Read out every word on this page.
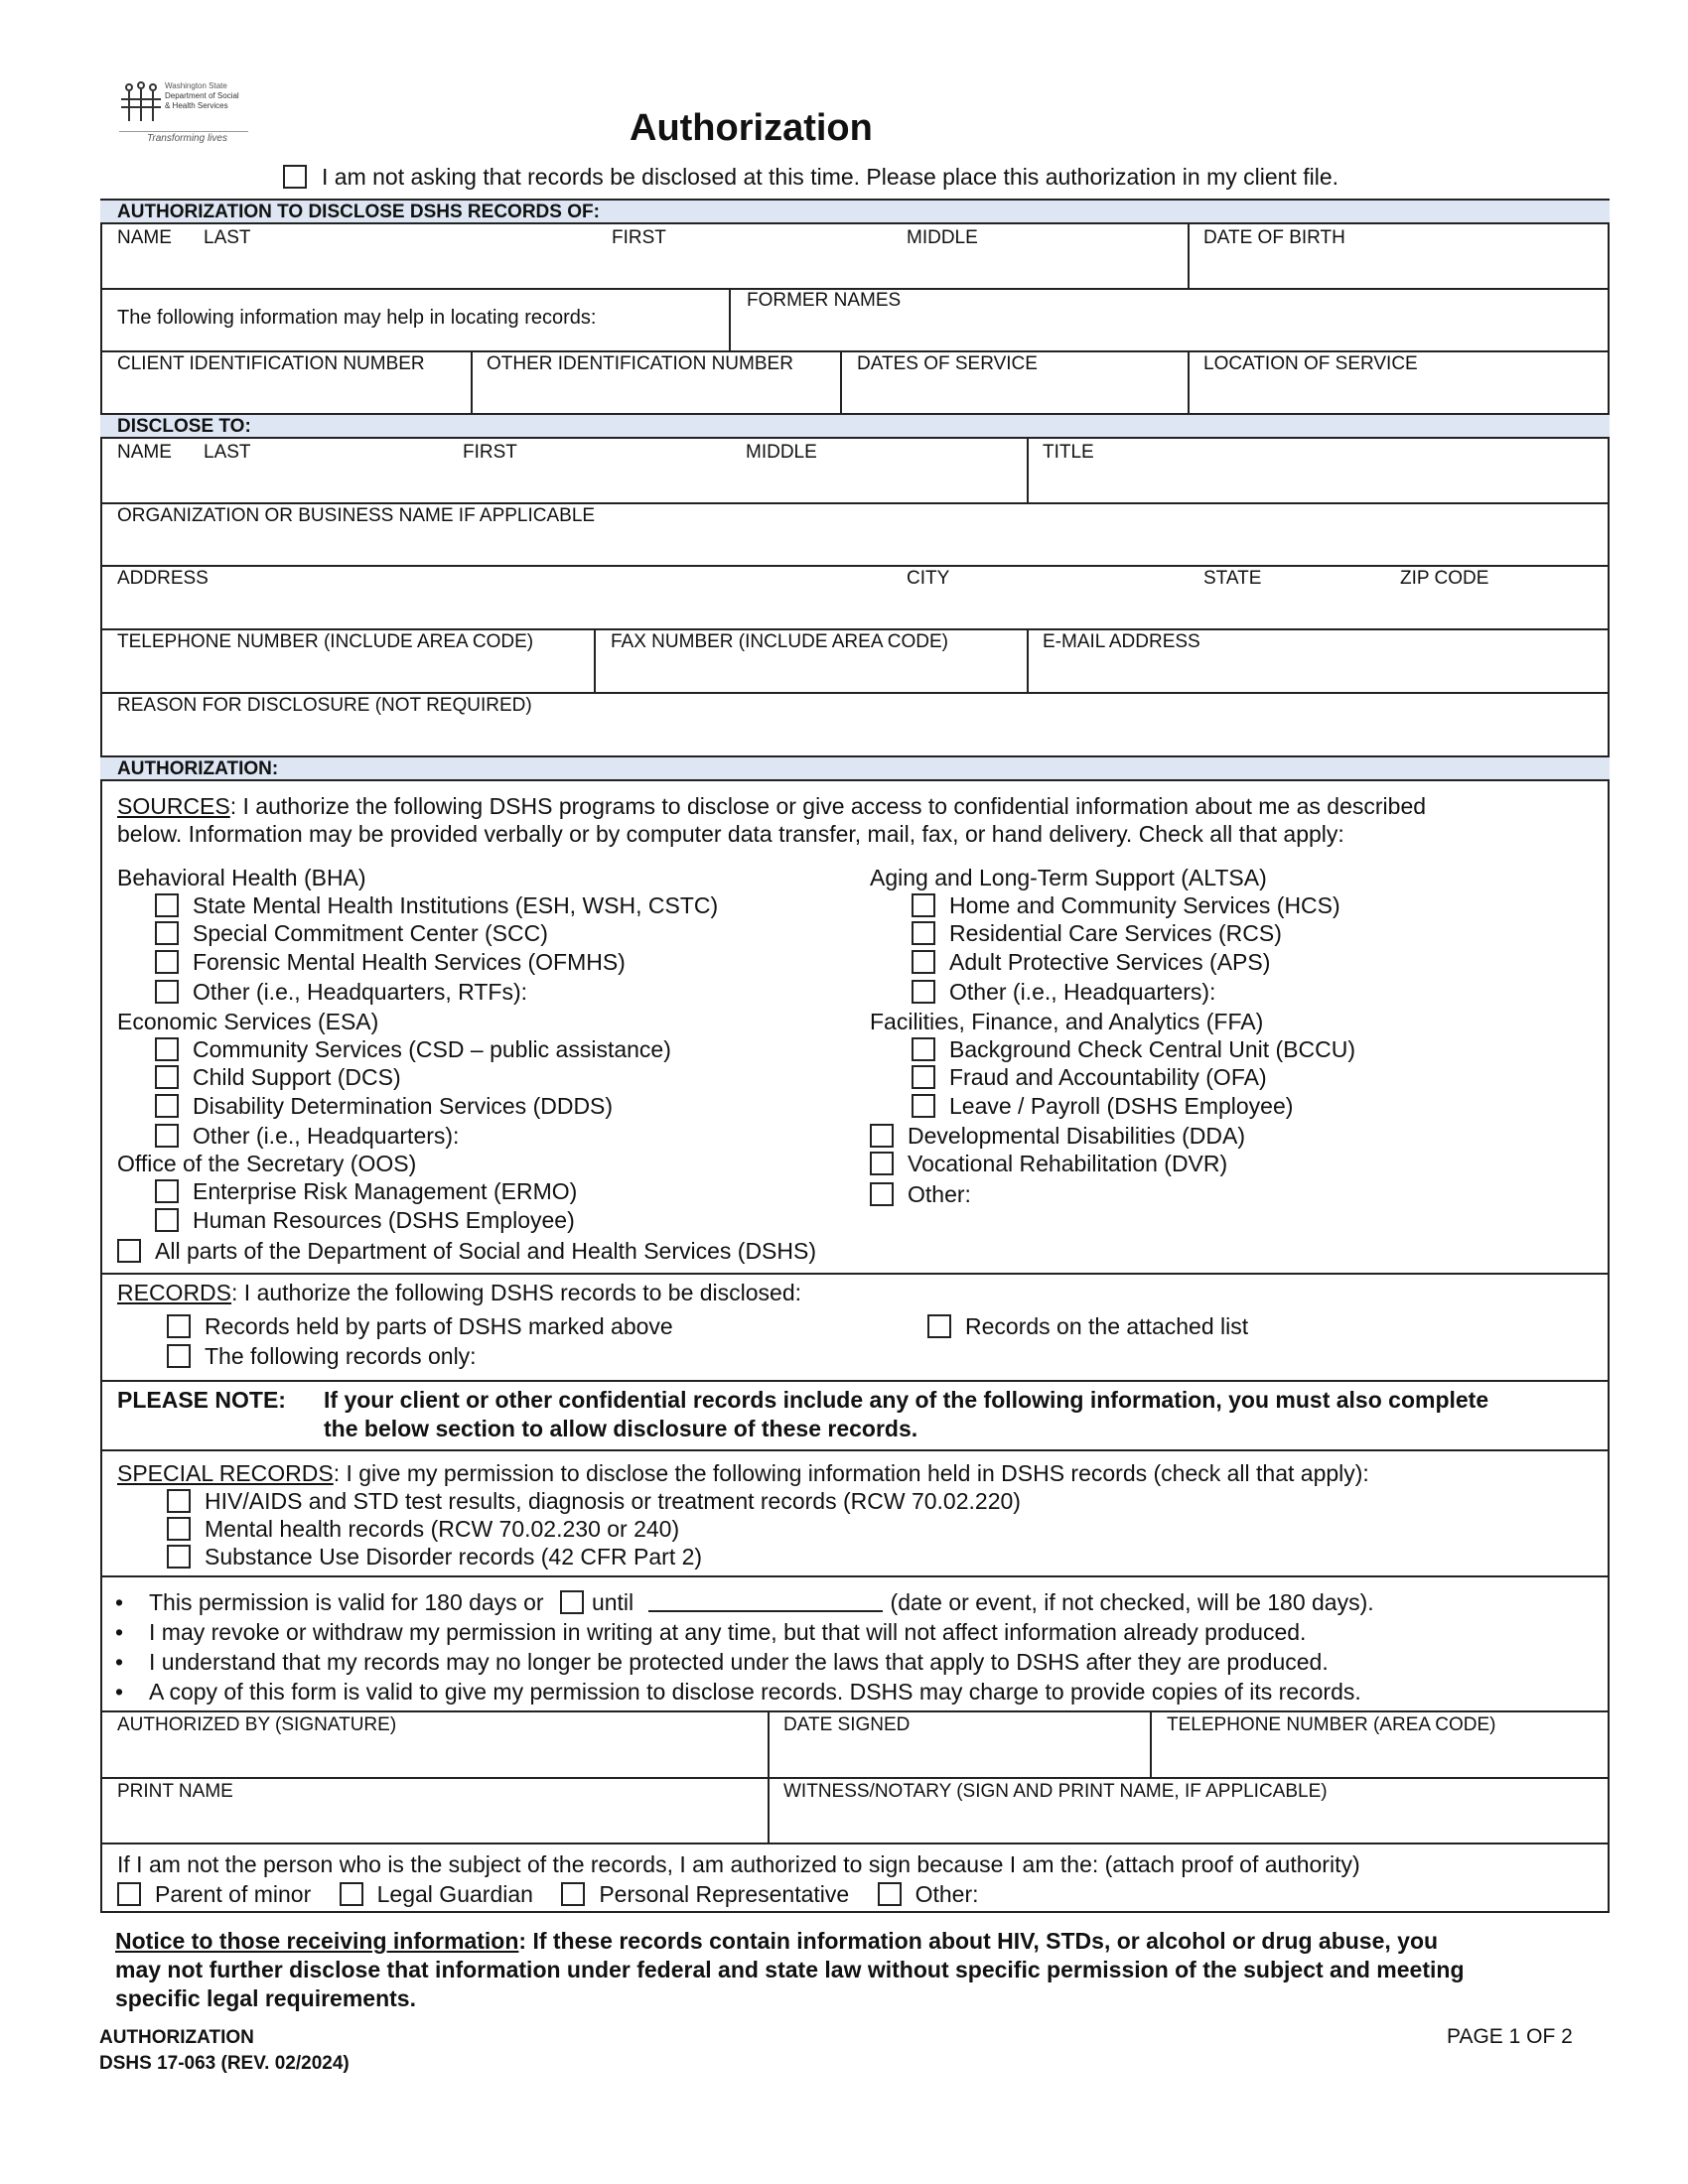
Washington State
Department of Social
& Health Services
Transforming lives	Authorization
I am not asking that records be disclosed at this time. Please place this authorization in my client file.
AUTHORIZATION TO DISCLOSE DSHS RECORDS OF:
NAME LAST	FIRST	MIDDLE	DATE OF BIRTH
The following information may help in locating records:
FORMER NAMES
CLIENT IDENTIFICATION NUMBER	OTHER IDENTIFICATION NUMBER	DATES OF SERVICE	LOCATION OF SERVICE
DISCLOSE TO:
NAME LAST	FIRST	MIDDLE	TITLE
ORGANIZATION OR BUSINESS NAME IF APPLICABLE
ADDRESS	CITY	STATE	ZIP CODE
TELEPHONE NUMBER (INCLUDE AREA CODE)	FAX NUMBER (INCLUDE AREA CODE)	E-MAIL ADDRESS
REASON FOR DISCLOSURE (NOT REQUIRED)
AUTHORIZATION:
SOURCES: I authorize the following DSHS programs to disclose or give access to confidential information about me as described
below. Information may be provided verbally or by computer data transfer, mail, fax, or hand delivery. Check all that apply:
Behavioral Health (BHA)
State Mental Health Institutions (ESH, WSH, CSTC)
Special Commitment Center (SCC)
Forensic Mental Health Services (OFMHS)
Other (i.e., Headquarters, RTFs):
Economic Services (ESA)
Community Services (CSD – public assistance)
Child Support (DCS)
Disability Determination Services (DDDS)
Other (i.e., Headquarters):
Office of the Secretary (OOS)
Enterprise Risk Management (ERMO)
Human Resources (DSHS Employee)
All parts of the Department of Social and Health Services (DSHS)
Aging and Long-Term Support (ALTSA)
Home and Community Services (HCS)
Residential Care Services (RCS)
Adult Protective Services (APS)
Other (i.e., Headquarters):
Facilities, Finance, and Analytics (FFA)
Background Check Central Unit (BCCU)
Fraud and Accountability (OFA)
Leave / Payroll (DSHS Employee)
Developmental Disabilities (DDA)
Vocational Rehabilitation (DVR)
Other:
RECORDS: I authorize the following DSHS records to be disclosed:
Records held by parts of DSHS marked above
The following records only:
Records on the attached list
PLEASE NOTE: If your client or other confidential records include any of the following information, you must also complete
the below section to allow disclosure of these records.
SPECIAL RECORDS: I give my permission to disclose the following information held in DSHS records (check all that apply):
HIV/AIDS and STD test results, diagnosis or treatment records (RCW 70.02.220)
Mental health records (RCW 70.02.230 or 240)
Substance Use Disorder records (42 CFR Part 2)
• This permission is valid for 180 days or until	(date or event, if not checked, will be 180 days).
• I may revoke or withdraw my permission in writing at any time, but that will not affect information already produced.
• I understand that my records may no longer be protected under the laws that apply to DSHS after they are produced.
• A copy of this form is valid to give my permission to disclose records. DSHS may charge to provide copies of its records.
AUTHORIZED BY (SIGNATURE)	DATE SIGNED	TELEPHONE NUMBER (AREA CODE)
PRINT NAME	WITNESS/NOTARY (SIGN AND PRINT NAME, IF APPLICABLE)
If I am not the person who is the subject of the records, I am authorized to sign because I am the: (attach proof of authority)
Parent of minor	Legal Guardian	Personal Representative	Other:
Notice to those receiving information: If these records contain information about HIV, STDs, or alcohol or drug abuse, you
may not further disclose that information under federal and state law without specific permission of the subject and meeting
specific legal requirements.
AUTHORIZATION
DSHS 17-063 (REV. 02/2024)
PAGE 1 OF 2
